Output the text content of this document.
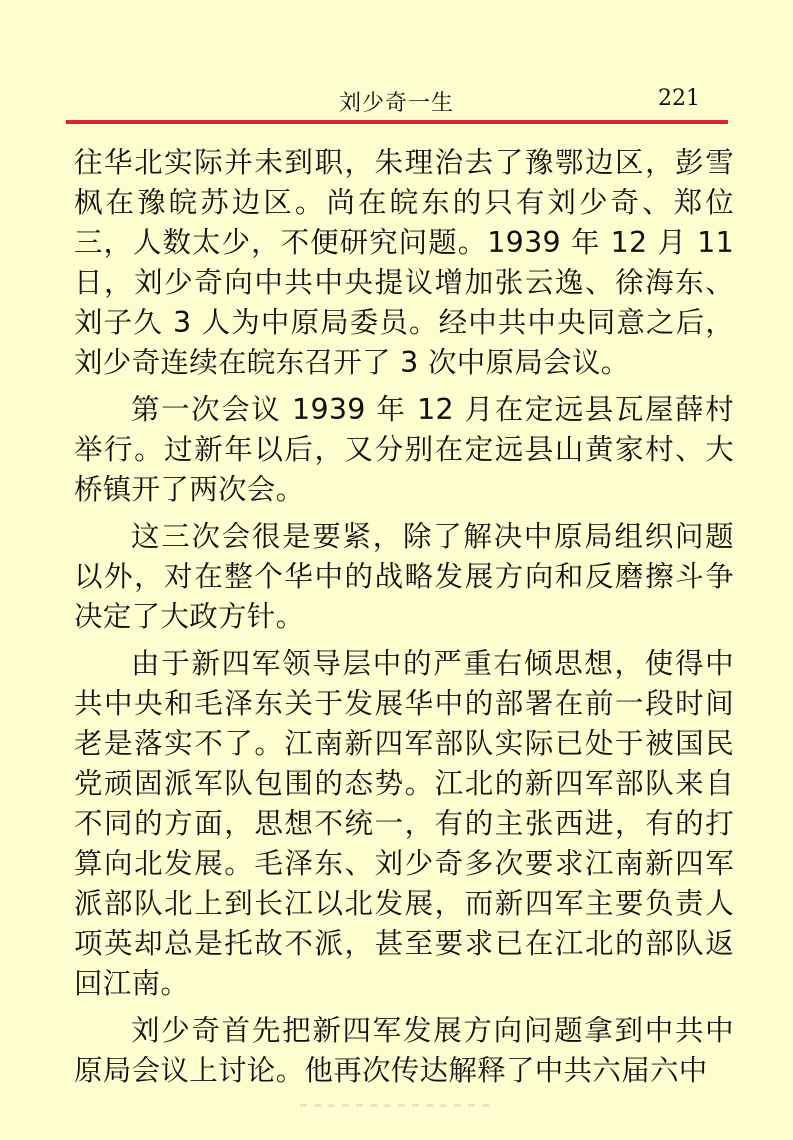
刘少奇一生	221

往华北实际并未到职，朱理治去了豫鄂边区，彭雪枫在豫皖苏边区。尚在皖东的只有刘少奇、郑位三，人数太少，不便研究问题。1939 年 12 月 11 日，刘少奇向中共中央提议增加张云逸、徐海东、刘子久 3 人为中原局委员。经中共中央同意之后，刘少奇连续在皖东召开了 3 次中原局会议。

第一次会议 1939 年 12 月在定远县瓦屋薛村举行。过新年以后，又分别在定远县山黄家村、大桥镇开了两次会。

这三次会很是要紧，除了解决中原局组织问题以外，对在整个华中的战略发展方向和反磨擦斗争决定了大政方针。

由于新四军领导层中的严重右倾思想，使得中共中央和毛泽东关于发展华中的部署在前一段时间老是落实不了。江南新四军部队实际已处于被国民党顽固派军队包围的态势。江北的新四军部队来自不同的方面，思想不统一，有的主张西进，有的打算向北发展。毛泽东、刘少奇多次要求江南新四军派部队北上到长江以北发展，而新四军主要负责人项英却总是托故不派，甚至要求已在江北的部队返回江南。

刘少奇首先把新四军发展方向问题拿到中共中原局会议上讨论。他再次传达解释了中共六届六中
